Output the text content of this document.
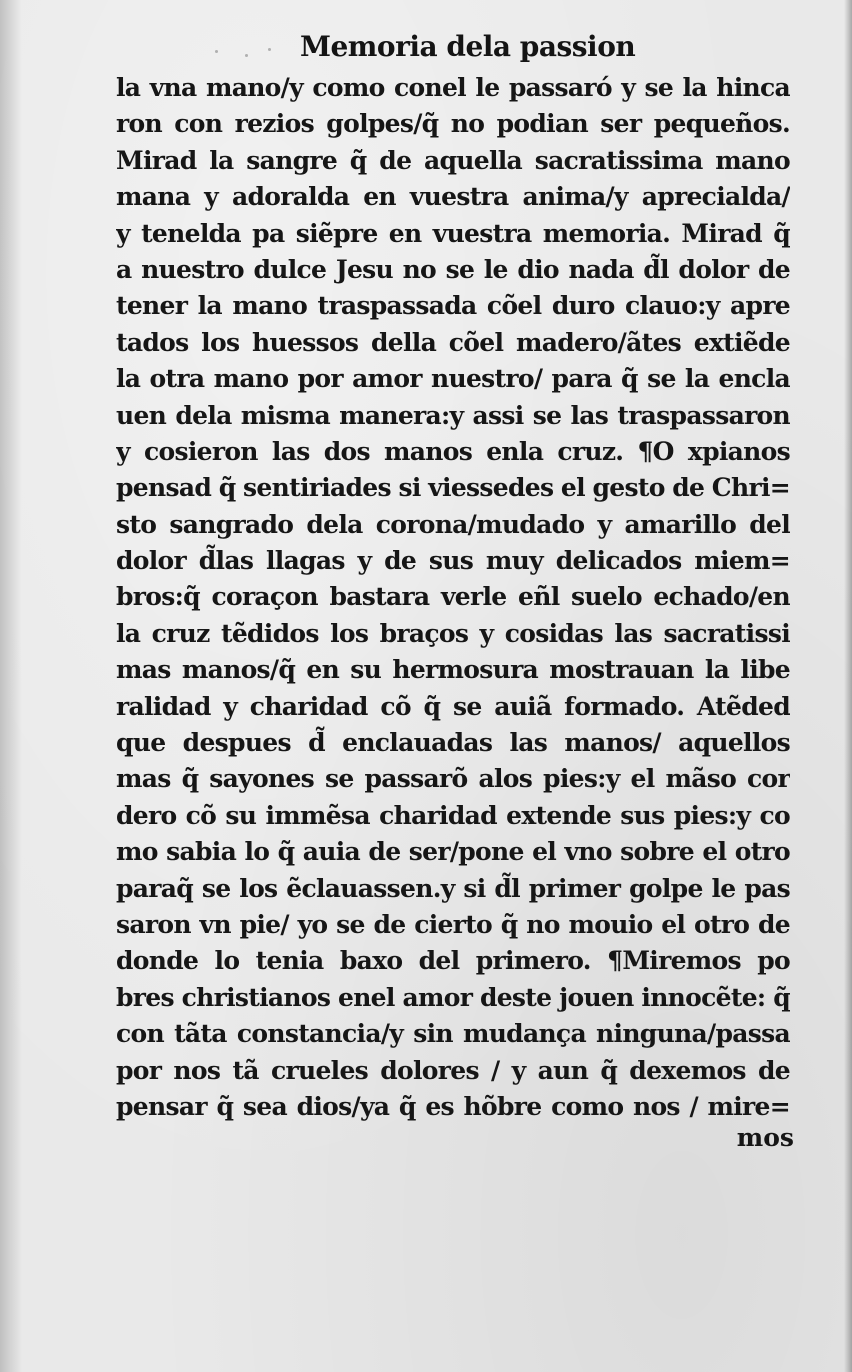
Memoria dela passion
la vna mano/y como conel le passaró y se la hinca
ron con rezios golpes/q̃ no podian ser pequeños.
Mirad la sangre q̃ de aquella sacratissima mano
mana y adoralda en vuestra anima/y aprecialda/
y tenelda pa siẽpre en vuestra memoria. Mirad q̃
a nuestro dulce Jesu no se le dio nada d̃l dolor de
tener la mano traspassada cõel duro clauo:y apre
tados los huessos della cõel madero/ãtes extiẽde
la otra mano por amor nuestro/ para q̃ se la encla
uen dela misma manera:y assi se las traspassaron
y cosieron las dos manos enla cruz. ¶O xpianos
pensad q̃ sentiriades si viessedes el gesto de Chri=
sto sangrado dela corona/mudado y amarillo del
dolor d̃las llagas y de sus muy delicados miem=
bros:q̃ coraçon bastara verle eñl suelo echado/en
la cruz tẽdidos los braços y cosidas las sacratissi
mas manos/q̃ en su hermosura mostrauan la libe
ralidad y charidad cõ q̃ se auiã formado. Atẽded
que despues d̃ enclauadas las manos/ aquellos
mas q̃ sayones se passarõ alos pies:y el mãso cor
dero cõ su immẽsa charidad extende sus pies:y co
mo sabia lo q̃ auia de ser/pone el vno sobre el otro
paraq̃ se los ẽclauassen.y si d̃l primer golpe le pas
saron vn pie/ yo se de cierto q̃ no mouio el otro de
donde lo tenia baxo del primero. ¶Miremos po
bres christianos enel amor deste jouen innocẽte: q̃
con tãta constancia/y sin mudança ninguna/passa
por nos tã crueles dolores / y aun q̃ dexemos de
pensar q̃ sea dios/ya q̃ es hõbre como nos / mire=
mos
